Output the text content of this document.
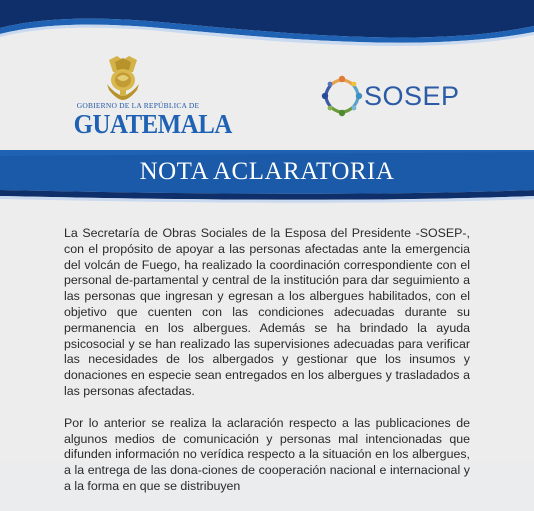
GOBIERNO DE LA REPÚBLICA DE
GUATEMALA
SOSEP
NOTA ACLARATORIA

La Secretaría de Obras Sociales de la Esposa del Presidente -SOSEP-, con el propósito de apoyar a las personas afectadas ante la emergencia del volcán de Fuego, ha realizado la coordinación correspondiente con el personal de-partamental y central de la institución para dar seguimiento a las personas que ingresan y egresan a los albergues habilitados, con el objetivo que cuenten con las condiciones adecuadas durante su permanencia en los albergues. Además se ha brindado la ayuda psicosocial y se han realizado las supervisiones adecuadas para verificar las necesidades de los albergados y gestionar que los insumos y donaciones en especie sean entregados en los albergues y trasladados a las personas afectadas.

Por lo anterior se realiza la aclaración respecto a las publicaciones de algunos medios de comunicación y personas mal intencionadas que difunden información no verídica respecto a la situación en los albergues, a la entrega de las dona-ciones de cooperación nacional e internacional y a la forma en que se distribuyen
